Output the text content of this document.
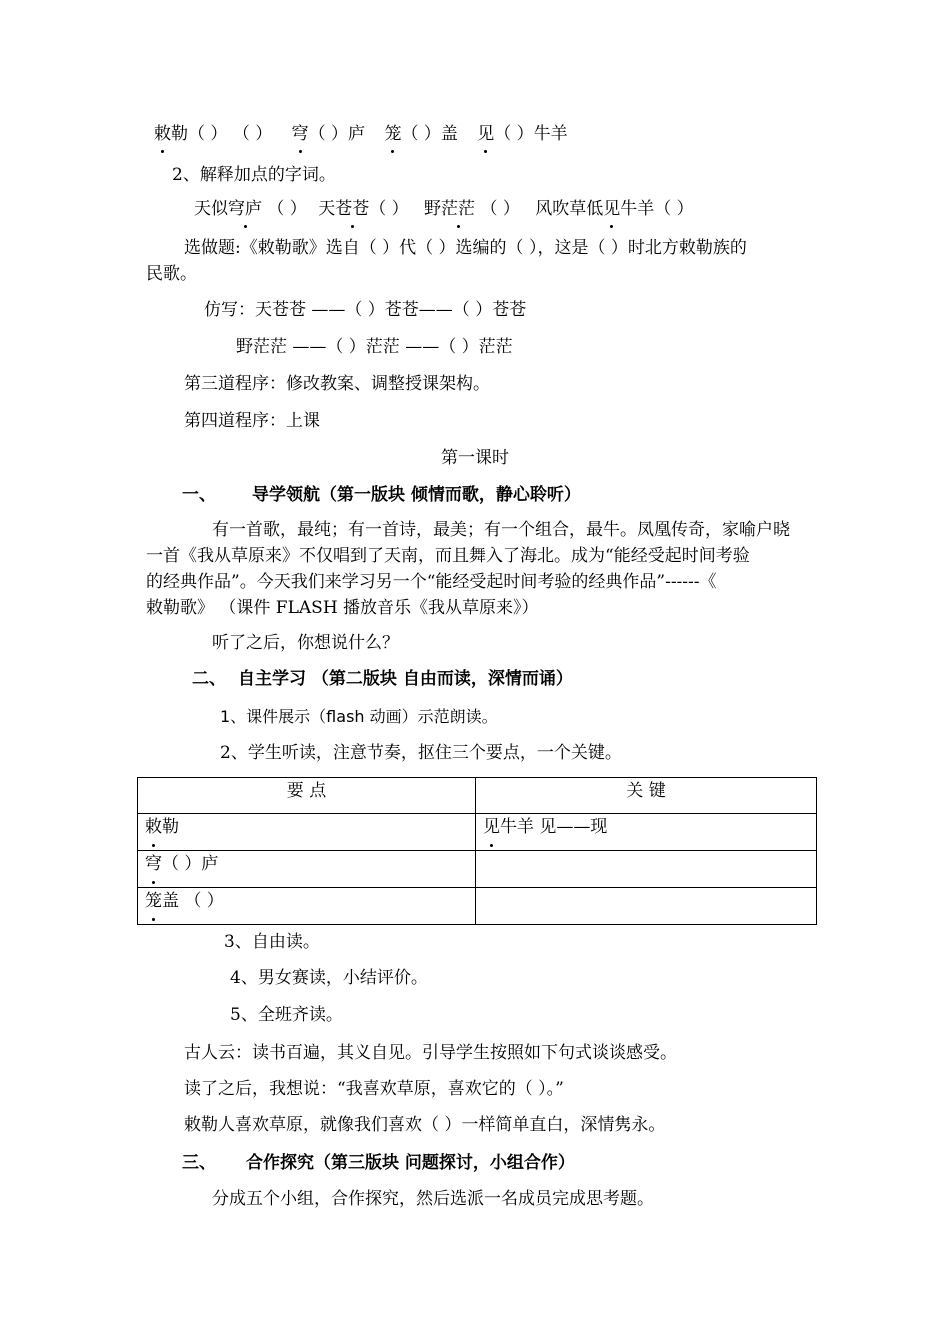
敕勒（ ） （ ） 穹（ ）庐 笼（ ）盖 见（ ）牛羊
2、解释加点的字词。
天似穹庐 （ ） 天苍苍（ ） 野茫茫 （ ） 风吹草低见牛羊（ ）
选做题:《敕勒歌》选自（ ）代（ ）选编的（ ），这是（ ）时北方敕勒族的
民歌。
仿写：天苍苍 ——（ ）苍苍——（ ）苍苍
野茫茫 ——（ ）茫茫 ——（ ）茫茫
第三道程序：修改教案、调整授课架构。
第四道程序：上课
第一课时
一、 导学领航（第一版块 倾情而歌，静心聆听）
有一首歌，最纯；有一首诗，最美；有一个组合，最牛。凤凰传奇，家喻户晓
一首《我从草原来》不仅唱到了天南，而且舞入了海北。成为“能经受起时间考验
的经典作品”。今天我们来学习另一个“能经受起时间考验的经典作品”------《
敕勒歌》 （课件 FLASH 播放音乐《我从草原来》）
听了之后，你想说什么？
二、 自主学习 （第二版块 自由而读，深情而诵）
1、课件展示（flash 动画）示范朗读。
2、学生听读，注意节奏，抠住三个要点，一个关键。
要 点	关 键
敕勒	见牛羊 见——现
穹（ ）庐	
笼盖 （ ）	
3、自由读。
4、男女赛读，小结评价。
5、全班齐读。
古人云：读书百遍，其义自见。引导学生按照如下句式谈谈感受。
读了之后，我想说：“我喜欢草原，喜欢它的（ ）。”
敕勒人喜欢草原，就像我们喜欢（ ）一样简单直白，深情隽永。
三、 合作探究（第三版块 问题探讨，小组合作）
分成五个小组，合作探究，然后选派一名成员完成思考题。
